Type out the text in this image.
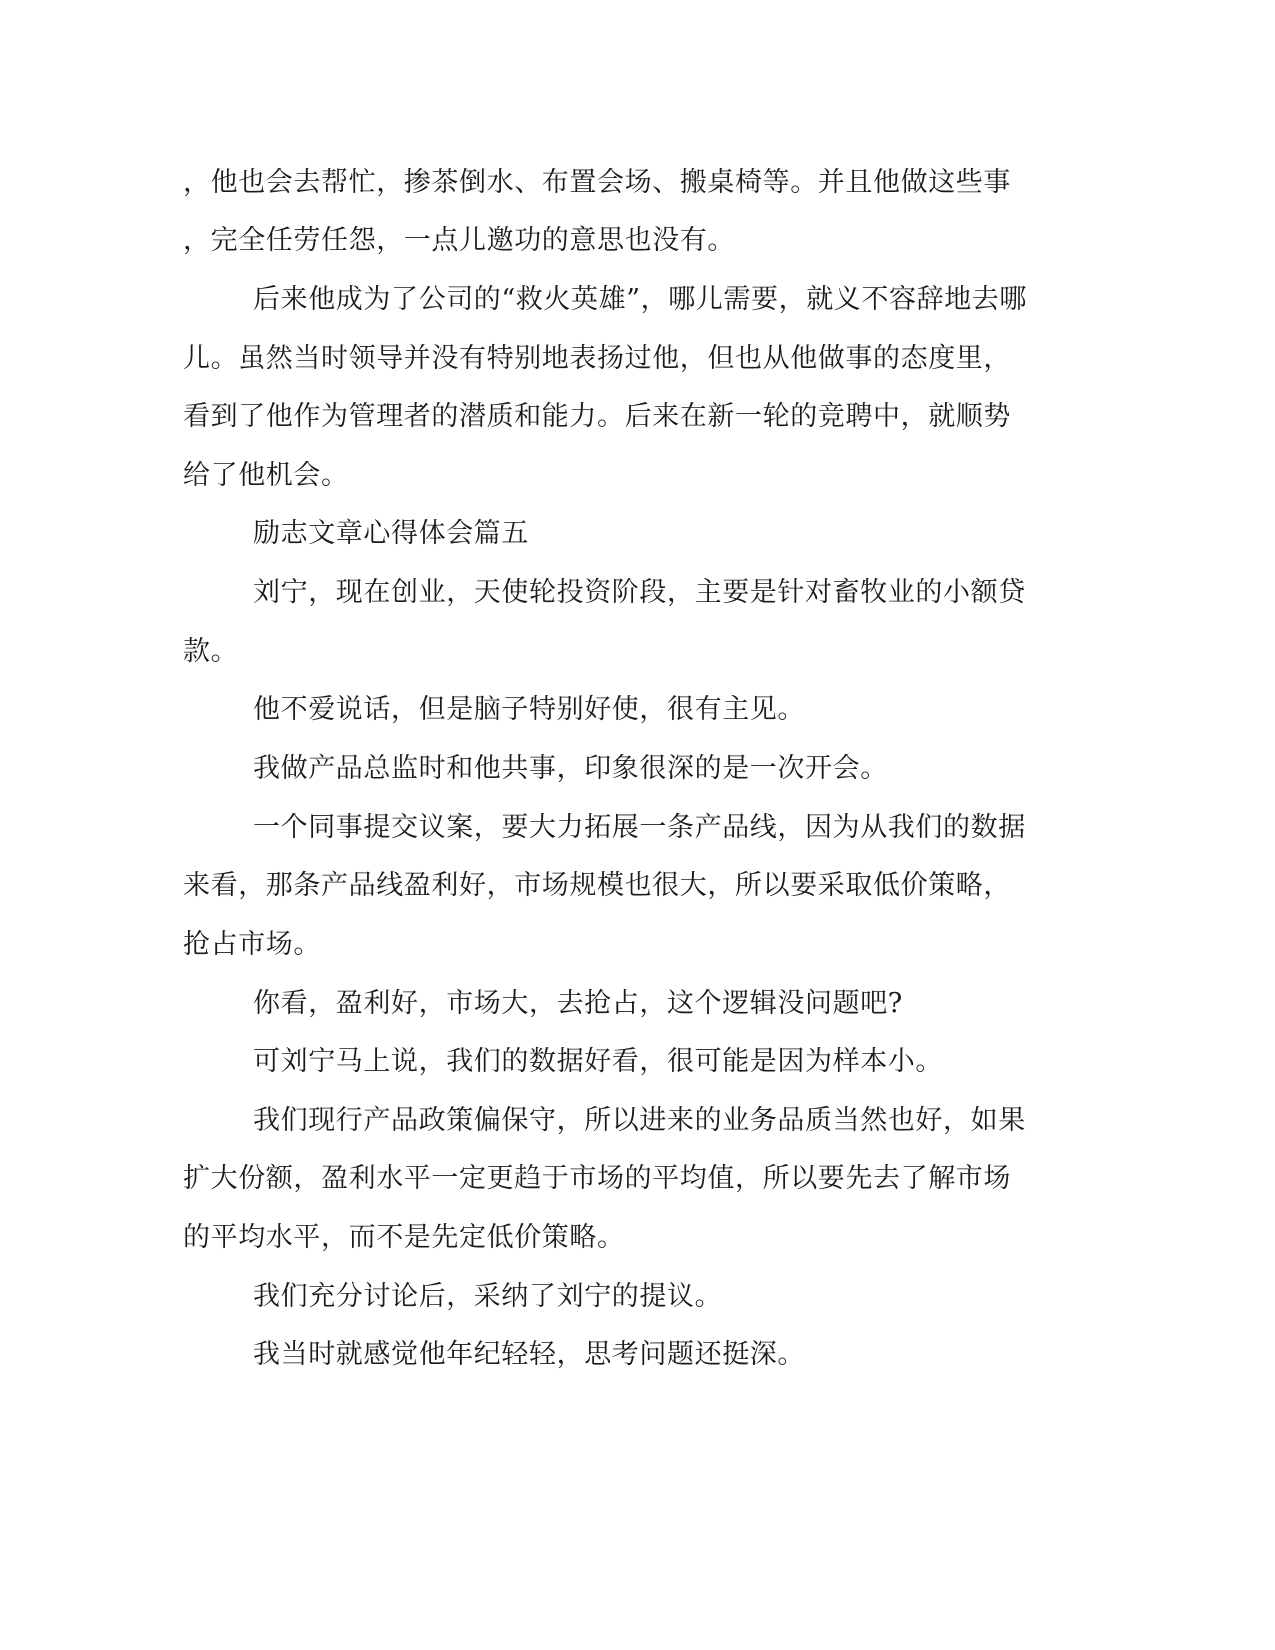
，他也会去帮忙，掺茶倒水、布置会场、搬桌椅等。并且他做这些事
，完全任劳任怨，一点儿邀功的意思也没有。
后来他成为了公司的“救火英雄”，哪儿需要，就义不容辞地去哪
儿。虽然当时领导并没有特别地表扬过他，但也从他做事的态度里，
看到了他作为管理者的潜质和能力。后来在新一轮的竞聘中，就顺势
给了他机会。
励志文章心得体会篇五
刘宁，现在创业，天使轮投资阶段，主要是针对畜牧业的小额贷
款。
他不爱说话，但是脑子特别好使，很有主见。
我做产品总监时和他共事，印象很深的是一次开会。
一个同事提交议案，要大力拓展一条产品线，因为从我们的数据
来看，那条产品线盈利好，市场规模也很大，所以要采取低价策略，
抢占市场。
你看，盈利好，市场大，去抢占，这个逻辑没问题吧?
可刘宁马上说，我们的数据好看，很可能是因为样本小。
我们现行产品政策偏保守，所以进来的业务品质当然也好，如果
扩大份额，盈利水平一定更趋于市场的平均值，所以要先去了解市场
的平均水平，而不是先定低价策略。
我们充分讨论后，采纳了刘宁的提议。
我当时就感觉他年纪轻轻，思考问题还挺深。
